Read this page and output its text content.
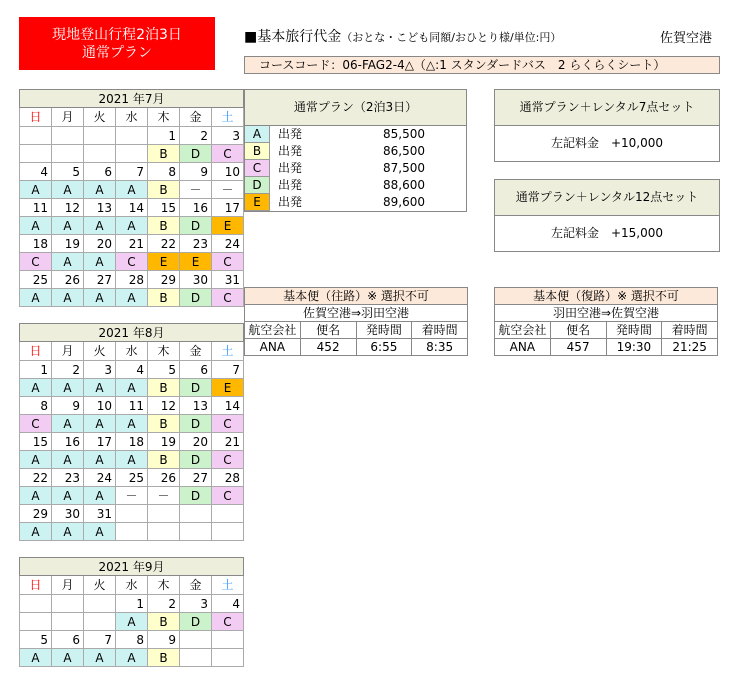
現地登山行程2泊3日
通常プラン
■基本旅行代金（おとな・こども同額/おひとり様/単位:円）	佐賀空港
コースコード：06-FAG2-4△（△:1 スタンダードバス　2 らくらくシート）
2021 年7月						
日	月	火	水	木	金	土
				1	2	3
				B	D	C
4	5	6	7	8	9	10
A	A	A	A	B	－	－
11	12	13	14	15	16	17
A	A	A	A	B	D	E
18	19	20	21	22	23	24
C	A	A	C	E	E	C
25	26	27	28	29	30	31
A	A	A	A	B	D	C
2021 年8月						
日	月	火	水	木	金	土
1	2	3	4	5	6	7
A	A	A	A	B	D	E
8	9	10	11	12	13	14
C	A	A	A	B	D	C
15	16	17	18	19	20	21
A	A	A	A	B	D	C
22	23	24	25	26	27	28
A	A	A	－	－	D	C
29	30	31				
A	A	A				
2021 年9月						
日	月	火	水	木	金	土
			1	2	3	4
			A	B	D	C
5	6	7	8	9		
A	A	A	A	B		
通常プラン（2泊3日）
A	出発	85,500
B	出発	86,500
C	出発	87,500
D	出発	88,600
E	出発	89,600
通常プラン＋レンタル7点セット
左記料金　+10,000
通常プラン＋レンタル12点セット
左記料金　+15,000
基本便（往路）※ 選択不可			
佐賀空港⇒羽田空港			
航空会社	便名	発時間	着時間
ANA	452	6:55	8:35
基本便（復路）※ 選択不可			
羽田空港⇒佐賀空港			
航空会社	便名	発時間	着時間
ANA	457	19:30	21:25
